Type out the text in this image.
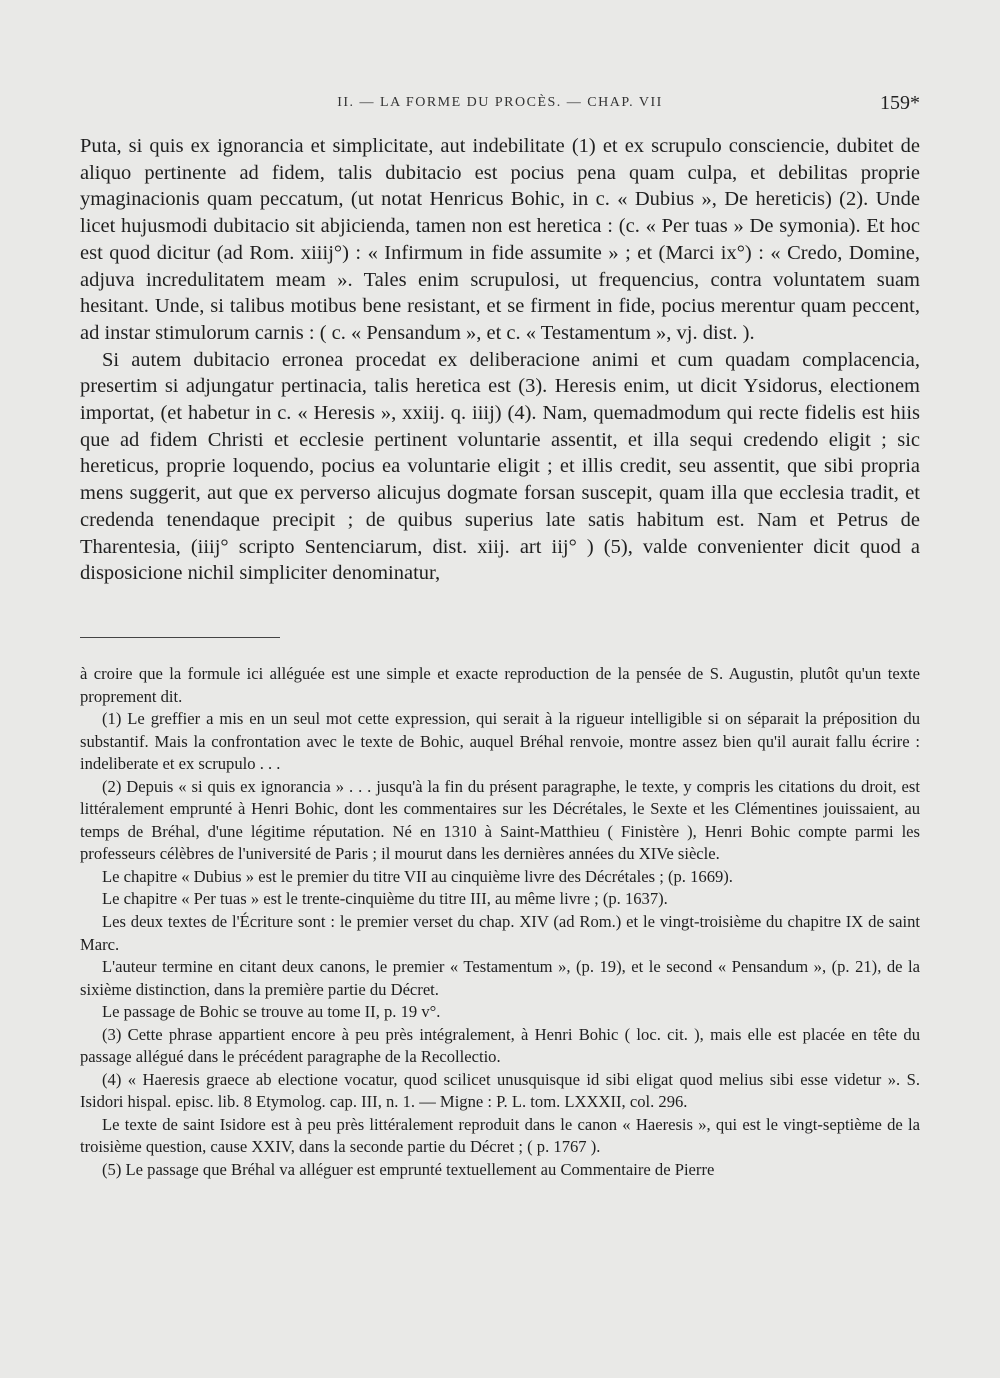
II. — LA FORME DU PROCÈS. — CHAP. VII	159*

Puta, si quis ex ignorancia et simplicitate, aut indebilitate (1) et ex scrupulo consciencie, dubitet de aliquo pertinente ad fidem, talis dubitacio est pocius pena quam culpa, et debilitas proprie ymaginacionis quam peccatum, (ut notat Henricus Bohic, in c. « Dubius », De hereticis) (2). Unde licet hujusmodi dubitacio sit abjicienda, tamen non est heretica : (c. « Per tuas » De symonia). Et hoc est quod dicitur (ad Rom. xiiij°) : « Infirmum in fide assumite » ; et (Marci ix°) : « Credo, Domine, adjuva incredulitatem meam ». Tales enim scrupulosi, ut frequencius, contra voluntatem suam hesitant. Unde, si talibus motibus bene resistant, et se firment in fide, pocius merentur quam peccent, ad instar stimulorum carnis : ( c. « Pensandum », et c. « Testamentum », vj. dist. ).

Si autem dubitacio erronea procedat ex deliberacione animi et cum quadam complacencia, presertim si adjungatur pertinacia, talis heretica est (3). Heresis enim, ut dicit Ysidorus, electionem importat, (et habetur in c. « Heresis », xxiij. q. iiij) (4). Nam, quemadmodum qui recte fidelis est hiis que ad fidem Christi et ecclesie pertinent voluntarie assentit, et illa sequi credendo eligit ; sic hereticus, proprie loquendo, pocius ea voluntarie eligit ; et illis credit, seu assentit, que sibi propria mens suggerit, aut que ex perverso alicujus dogmate forsan suscepit, quam illa que ecclesia tradit, et credenda tenendaque precipit ; de quibus superius late satis habitum est. Nam et Petrus de Tharentesia, (iiij° scripto Sentenciarum, dist. xiij. art iij° ) (5), valde convenienter dicit quod a disposicione nichil simpliciter denominatur,

à croire que la formule ici alléguée est une simple et exacte reproduction de la pensée de S. Augustin, plutôt qu'un texte proprement dit.

(1) Le greffier a mis en un seul mot cette expression, qui serait à la rigueur intelligible si on séparait la préposition du substantif. Mais la confrontation avec le texte de Bohic, auquel Bréhal renvoie, montre assez bien qu'il aurait fallu écrire : indeliberate et ex scrupulo . . .

(2) Depuis « si quis ex ignorancia » . . . jusqu'à la fin du présent paragraphe, le texte, y compris les citations du droit, est littéralement emprunté à Henri Bohic, dont les commentaires sur les Décrétales, le Sexte et les Clémentines jouissaient, au temps de Bréhal, d'une légitime réputation. Né en 1310 à Saint-Matthieu ( Finistère ), Henri Bohic compte parmi les professeurs célèbres de l'université de Paris ; il mourut dans les dernières années du XIVe siècle.

Le chapitre « Dubius » est le premier du titre VII au cinquième livre des Décrétales ; (p. 1669).

Le chapitre « Per tuas » est le trente-cinquième du titre III, au même livre ; (p. 1637).

Les deux textes de l'Écriture sont : le premier verset du chap. XIV (ad Rom.) et le vingt-troisième du chapitre IX de saint Marc.

L'auteur termine en citant deux canons, le premier « Testamentum », (p. 19), et le second « Pensandum », (p. 21), de la sixième distinction, dans la première partie du Décret.

Le passage de Bohic se trouve au tome II, p. 19 v°.

(3) Cette phrase appartient encore à peu près intégralement, à Henri Bohic ( loc. cit. ), mais elle est placée en tête du passage allégué dans le précédent paragraphe de la Recollectio.

(4) « Haeresis graece ab electione vocatur, quod scilicet unusquisque id sibi eligat quod melius sibi esse videtur ». S. Isidori hispal. episc. lib. 8 Etymolog. cap. III, n. 1. — Migne : P. L. tom. LXXXII, col. 296.

Le texte de saint Isidore est à peu près littéralement reproduit dans le canon « Haeresis », qui est le vingt-septième de la troisième question, cause XXIV, dans la seconde partie du Décret ; ( p. 1767 ).

(5) Le passage que Bréhal va alléguer est emprunté textuellement au Commentaire de Pierre
